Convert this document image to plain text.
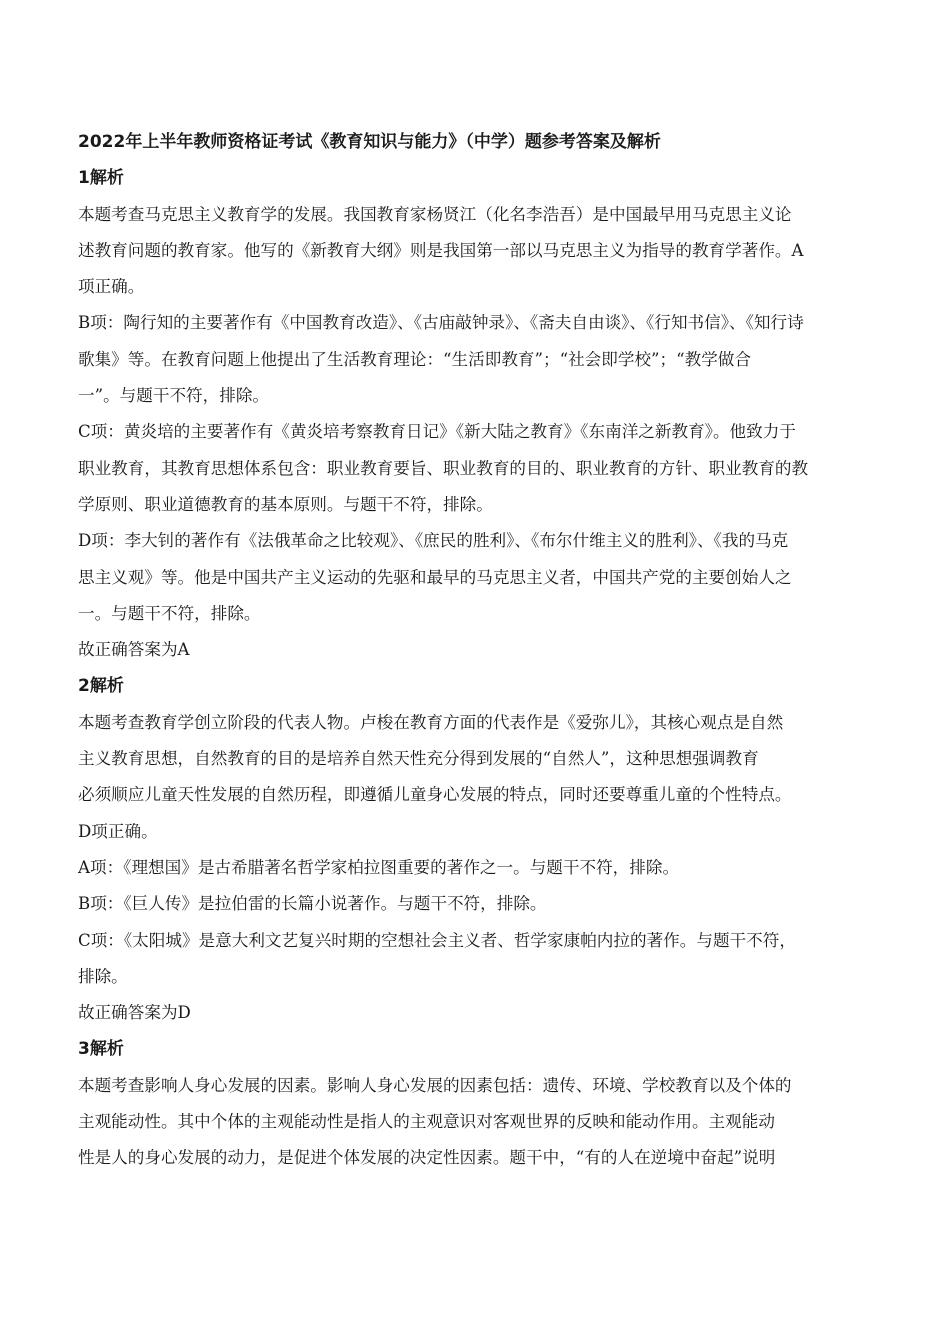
2022年上半年教师资格证考试《教育知识与能力》（中学）题参考答案及解析
1解析
本题考查马克思主义教育学的发展。我国教育家杨贤江（化名李浩吾）是中国最早用马克思主义论
述教育问题的教育家。他写的《新教育大纲》则是我国第一部以马克思主义为指导的教育学著作。A
项正确。
B项：陶行知的主要著作有《中国教育改造》、《古庙敲钟录》、《斋夫自由谈》、《行知书信》、《知行诗
歌集》等。在教育问题上他提出了生活教育理论：“生活即教育”；“社会即学校”；“教学做合
一”。与题干不符，排除。
C项：黄炎培的主要著作有《黄炎培考察教育日记》《新大陆之教育》《东南洋之新教育》。他致力于
职业教育，其教育思想体系包含：职业教育要旨、职业教育的目的、职业教育的方针、职业教育的教
学原则、职业道德教育的基本原则。与题干不符，排除。
D项：李大钊的著作有《法俄革命之比较观》、《庶民的胜利》、《布尔什维主义的胜利》、《我的马克
思主义观》等。他是中国共产主义运动的先驱和最早的马克思主义者，中国共产党的主要创始人之
一。与题干不符，排除。
故正确答案为A
2解析
本题考查教育学创立阶段的代表人物。卢梭在教育方面的代表作是《爱弥儿》，其核心观点是自然
主义教育思想，自然教育的目的是培养自然天性充分得到发展的“自然人”，这种思想强调教育
必须顺应儿童天性发展的自然历程，即遵循儿童身心发展的特点，同时还要尊重儿童的个性特点。
D项正确。
A项：《理想国》是古希腊著名哲学家柏拉图重要的著作之一。与题干不符，排除。
B项：《巨人传》是拉伯雷的长篇小说著作。与题干不符，排除。
C项：《太阳城》是意大利文艺复兴时期的空想社会主义者、哲学家康帕内拉的著作。与题干不符，
排除。
故正确答案为D
3解析
本题考查影响人身心发展的因素。影响人身心发展的因素包括：遗传、环境、学校教育以及个体的
主观能动性。其中个体的主观能动性是指人的主观意识对客观世界的反映和能动作用。主观能动
性是人的身心发展的动力，是促进个体发展的决定性因素。题干中，“有的人在逆境中奋起”说明
